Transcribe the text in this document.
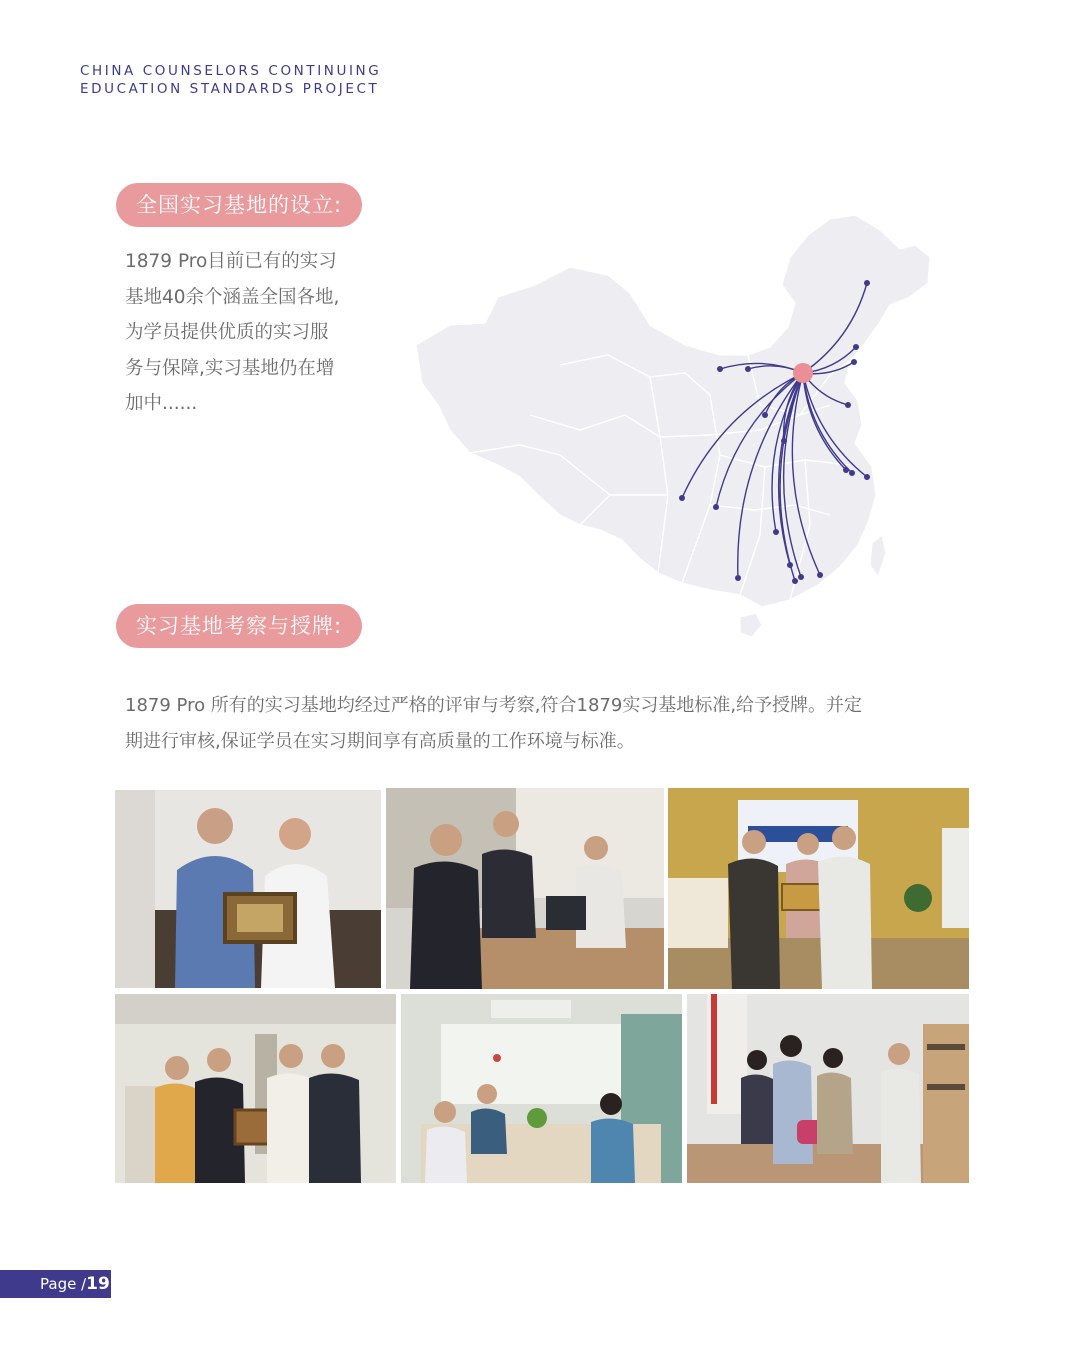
CHINA COUNSELORS CONTINUING
EDUCATION STANDARDS PROJECT
全国实习基地的设立:
1879 Pro目前已有的实习
基地40余个涵盖全国各地,
为学员提供优质的实习服
务与保障,实习基地仍在增
加中......
实习基地考察与授牌:
1879 Pro 所有的实习基地均经过严格的评审与考察,符合1879实习基地标准,给予授牌。并定
期进行审核,保证学员在实习期间享有高质量的工作环境与标准。
Page /19
